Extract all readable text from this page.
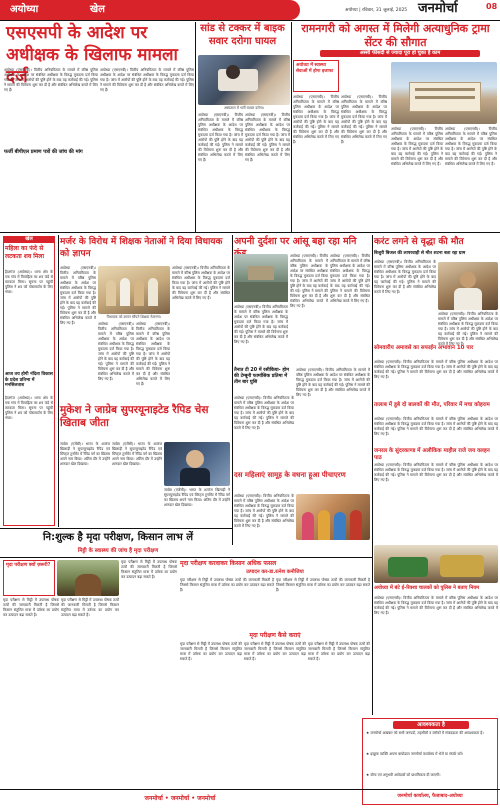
अयोध्या	खेल	अयोध्या | रविवार, 31 जुलाई, 2025 जनमोर्चा	08
एसएसपी के आदेश पर अधीक्षक के खिलाफ मामला दर्ज
अयोध्या (एसएनबी)। वित्तीय अनियमितता के मामले में वरिष्ठ पुलिस अधीक्षक के आदेश पर संबंधित अधीक्षक के विरुद्ध मुकदमा दर्ज किया गया है। जांच में आरोपों की पुष्टि होने के बाद यह कार्रवाई की गई। पुलिस ने मामले की विवेचना शुरू कर दी है और संबंधित अभिलेख कब्जे में लिए गए हैं।
अयोध्या (एसएनबी)। वित्तीय अनियमितता के मामले में वरिष्ठ पुलिस अधीक्षक के आदेश पर संबंधित अधीक्षक के विरुद्ध मुकदमा दर्ज किया गया है। जांच में आरोपों की पुष्टि होने के बाद यह कार्रवाई की गई। पुलिस ने मामले की विवेचना शुरू कर दी है और संबंधित अभिलेख कब्जे में लिए गए हैं।
फर्जी बीपीएल प्रमाण पत्रों की जांच की मांग
सांड से टक्कर में बाइक सवार दरोगा घायल
अस्पताल में भर्ती घायल दरोगा।
अयोध्या (एसएनबी)। वित्तीय अनियमितता के मामले में वरिष्ठ पुलिस अधीक्षक के आदेश पर संबंधित अधीक्षक के विरुद्ध मुकदमा दर्ज किया गया है। जांच में आरोपों की पुष्टि होने के बाद यह कार्रवाई की गई। पुलिस ने मामले की विवेचना शुरू कर दी है और संबंधित अभिलेख कब्जे में लिए गए हैं।
अयोध्या (एसएनबी)। वित्तीय अनियमितता के मामले में वरिष्ठ पुलिस अधीक्षक के आदेश पर संबंधित अधीक्षक के विरुद्ध मुकदमा दर्ज किया गया है। जांच में आरोपों की पुष्टि होने के बाद यह कार्रवाई की गई। पुलिस ने मामले की विवेचना शुरू कर दी है और संबंधित अभिलेख कब्जे में लिए गए हैं।
रामनगरी को अगस्त में मिलेगी अत्याधुनिक ट्रामा सेंटर की सौगात
अस्सी फीसदी से ज्यादा पूरा हो चुका है काम
अयोध्या में स्वास्थ्य सेवाओं में होगा इजाफा
अयोध्या (एसएनबी)। वित्तीय अनियमितता के मामले में वरिष्ठ पुलिस अधीक्षक के आदेश पर संबंधित अधीक्षक के विरुद्ध मुकदमा दर्ज किया गया है। जांच में आरोपों की पुष्टि होने के बाद यह कार्रवाई की गई। पुलिस ने मामले की विवेचना शुरू कर दी है और संबंधित अभिलेख कब्जे में लिए गए हैं।
अयोध्या (एसएनबी)। वित्तीय अनियमितता के मामले में वरिष्ठ पुलिस अधीक्षक के आदेश पर संबंधित अधीक्षक के विरुद्ध मुकदमा दर्ज किया गया है। जांच में आरोपों की पुष्टि होने के बाद यह कार्रवाई की गई। पुलिस ने मामले की विवेचना शुरू कर दी है और संबंधित अभिलेख कब्जे में लिए गए हैं।
अयोध्या (एसएनबी)। वित्तीय अनियमितता के मामले में वरिष्ठ पुलिस अधीक्षक के आदेश पर संबंधित अधीक्षक के विरुद्ध मुकदमा दर्ज किया गया है। जांच में आरोपों की पुष्टि होने के बाद यह कार्रवाई की गई। पुलिस ने मामले की विवेचना शुरू कर दी है और संबंधित अभिलेख कब्जे में लिए गए हैं।
अयोध्या (एसएनबी)। वित्तीय अनियमितता के मामले में वरिष्ठ पुलिस अधीक्षक के आदेश पर संबंधित अधीक्षक के विरुद्ध मुकदमा दर्ज किया गया है। जांच में आरोपों की पुष्टि होने के बाद यह कार्रवाई की गई। पुलिस ने मामले की विवेचना शुरू कर दी है और संबंधित अभिलेख कब्जे में लिए गए हैं।
खेल
महिला का फंदे से लटकता शव मिला
हैदरगंज (अयोध्या)। थाना क्षेत्र के एक गांव में विवाहिता का शव फंदे से लटकता मिला। सूचना पर पहुंची पुलिस ने शव को पोस्टमार्टम के लिए भेजा।
आज तय होगी नंदिता विकास के प्रदेश प्रतिभा में मनसिलताश
हैदरगंज (अयोध्या)। थाना क्षेत्र के एक गांव में विवाहिता का शव फंदे से लटकता मिला। सूचना पर पहुंची पुलिस ने शव को पोस्टमार्टम के लिए भेजा।
मर्जर के विरोध में शिक्षक नेताओं ने दिया विधायक को ज्ञापन
विधायक को ज्ञापन सौंपते शिक्षक नेतागण।
अयोध्या (एसएनबी)। वित्तीय अनियमितता के मामले में वरिष्ठ पुलिस अधीक्षक के आदेश पर संबंधित अधीक्षक के विरुद्ध मुकदमा दर्ज किया गया है। जांच में आरोपों की पुष्टि होने के बाद यह कार्रवाई की गई। पुलिस ने मामले की विवेचना शुरू कर दी है और संबंधित अभिलेख कब्जे में लिए गए हैं।	अयोध्या (एसएनबी)। वित्तीय अनियमितता के मामले में वरिष्ठ पुलिस अधीक्षक के आदेश पर संबंधित अधीक्षक के विरुद्ध मुकदमा दर्ज किया गया है। जांच में आरोपों की पुष्टि होने के बाद यह कार्रवाई की गई। पुलिस ने मामले की विवेचना शुरू कर दी है और संबंधित अभिलेख कब्जे में लिए गए हैं।
अयोध्या (एसएनबी)। वित्तीय अनियमितता के मामले में वरिष्ठ पुलिस अधीक्षक के आदेश पर संबंधित अधीक्षक के विरुद्ध मुकदमा दर्ज किया गया है। जांच में आरोपों की पुष्टि होने के बाद यह कार्रवाई की गई। पुलिस ने मामले की विवेचना शुरू कर दी है और संबंधित अभिलेख कब्जे में लिए गए हैं।
अयोध्या (एसएनबी)। वित्तीय अनियमितता के मामले में वरिष्ठ पुलिस अधीक्षक के आदेश पर संबंधित अधीक्षक के विरुद्ध मुकदमा दर्ज किया गया है। जांच में आरोपों की पुष्टि होने के बाद यह कार्रवाई की गई। पुलिस ने मामले की विवेचना शुरू कर दी है और संबंधित अभिलेख कब्जे में लिए गए हैं।
अपनी दुर्दशा पर आंसू बहा रहा मनि
अयोध्या (एसएनबी)। वित्तीय अनियमितता के मामले में वरिष्ठ पुलिस अधीक्षक के आदेश पर संबंधित अधीक्षक के विरुद्ध मुकदमा दर्ज किया गया है। जांच में आरोपों की पुष्टि होने के बाद यह कार्रवाई की गई। पुलिस ने मामले की विवेचना शुरू कर दी है और संबंधित अभिलेख कब्जे में लिए गए हैं।
अयोध्या (एसएनबी)। वित्तीय अनियमितता के मामले में वरिष्ठ पुलिस अधीक्षक के आदेश पर संबंधित अधीक्षक के विरुद्ध मुकदमा दर्ज किया गया है। जांच में आरोपों की पुष्टि होने के बाद यह कार्रवाई की गई। पुलिस ने मामले की विवेचना शुरू कर दी है और संबंधित अभिलेख कब्जे में लिए गए हैं।
अयोध्या (एसएनबी)। वित्तीय अनियमितता के मामले में वरिष्ठ पुलिस अधीक्षक के आदेश पर संबंधित अधीक्षक के विरुद्ध मुकदमा दर्ज किया गया है। जांच में आरोपों की पुष्टि होने के बाद यह कार्रवाई की गई। पुलिस ने मामले की विवेचना शुरू कर दी है और संबंधित अभिलेख कब्जे में लिए गए हैं।
तैनात टी 20 में रसीकिया- होम की टेम्बूनी फार्मासिक प्रतिमा में तीन बार घुसि
अयोध्या (एसएनबी)। वित्तीय अनियमितता के मामले में वरिष्ठ पुलिस अधीक्षक के आदेश पर संबंधित अधीक्षक के विरुद्ध मुकदमा दर्ज किया गया है। जांच में आरोपों की पुष्टि होने के बाद यह कार्रवाई की गई। पुलिस ने मामले की विवेचना शुरू कर दी है और संबंधित अभिलेख कब्जे में लिए गए हैं।
अयोध्या (एसएनबी)। वित्तीय अनियमितता के मामले में वरिष्ठ पुलिस अधीक्षक के आदेश पर संबंधित अधीक्षक के विरुद्ध मुकदमा दर्ज किया गया है। जांच में आरोपों की पुष्टि होने के बाद यह कार्रवाई की गई। पुलिस ने मामले की विवेचना शुरू कर दी है और संबंधित अभिलेख कब्जे में लिए गए हैं।
दस महिलाएं सामूह के वधना हूआ पीचाएरण
अयोध्या (एसएनबी)। वित्तीय अनियमितता के मामले में वरिष्ठ पुलिस अधीक्षक के आदेश पर संबंधित अधीक्षक के विरुद्ध मुकदमा दर्ज किया गया है। जांच में आरोपों की पुष्टि होने के बाद यह कार्रवाई की गई। पुलिस ने मामले की विवेचना शुरू कर दी है और संबंधित अभिलेख कब्जे में लिए गए हैं।
करंट लगने से वृद्धा की मौत
बिजुरी बिजल की लापरवाही से मौत शटना बता रहा ग्राम
अयोध्या (एसएनबी)। वित्तीय अनियमितता के मामले में वरिष्ठ पुलिस अधीक्षक के आदेश पर संबंधित अधीक्षक के विरुद्ध मुकदमा दर्ज किया गया है। जांच में आरोपों की पुष्टि होने के बाद यह कार्रवाई की गई। पुलिस ने मामले की विवेचना शुरू कर दी है और संबंधित अभिलेख कब्जे में लिए गए हैं।
अयोध्या (एसएनबी)। वित्तीय अनियमितता के मामले में वरिष्ठ पुलिस अधीक्षक के आदेश पर संबंधित अधीक्षक के विरुद्ध मुकदमा दर्ज किया गया है। जांच में आरोपों की पुष्टि होने के बाद यह कार्रवाई की गई। पुलिस ने मामले की विवेचना शुरू कर दी है और संबंधित अभिलेख कब्जे में लिए गए हैं।
सोमवारीय अमावसे का सफाईन अभावान 10 पार
अयोध्या (एसएनबी)। वित्तीय अनियमितता के मामले में वरिष्ठ पुलिस अधीक्षक के आदेश पर संबंधित अधीक्षक के विरुद्ध मुकदमा दर्ज किया गया है। जांच में आरोपों की पुष्टि होने के बाद यह कार्रवाई की गई। पुलिस ने मामले की विवेचना शुरू कर दी है और संबंधित अभिलेख कब्जे में लिए गए हैं।
तालाब में डूबे दो बालकों की मौत, परिवार में मचा कोहराम
अयोध्या (एसएनबी)। वित्तीय अनियमितता के मामले में वरिष्ठ पुलिस अधीक्षक के आदेश पर संबंधित अधीक्षक के विरुद्ध मुकदमा दर्ज किया गया है। जांच में आरोपों की पुष्टि होने के बाद यह कार्रवाई की गई। पुलिस ने मामले की विवेचना शुरू कर दी है और संबंधित अभिलेख कब्जे में लिए गए हैं।
जनरल के सुंदरकाण्ड में अलौकिक माहौल राजे जय वलहन पाठ
अयोध्या (एसएनबी)। वित्तीय अनियमितता के मामले में वरिष्ठ पुलिस अधीक्षक के आदेश पर संबंधित अधीक्षक के विरुद्ध मुकदमा दर्ज किया गया है। जांच में आरोपों की पुष्टि होने के बाद यह कार्रवाई की गई। पुलिस ने मामले की विवेचना शुरू कर दी है और संबंधित अभिलेख कब्जे में लिए गए हैं।
अयोध्या में बंटे ई-रिक्शा चालकों को पुलिस ने बताए नियम
अयोध्या (एसएनबी)। वित्तीय अनियमितता के मामले में वरिष्ठ पुलिस अधीक्षक के आदेश पर संबंधित अधीक्षक के विरुद्ध मुकदमा दर्ज किया गया है। जांच में आरोपों की पुष्टि होने के बाद यह कार्रवाई की गई। पुलिस ने मामले की विवेचना शुरू कर दी है और संबंधित अभिलेख कब्जे में लिए गए हैं।
मुकेश ने जाग्रेब सुपरयूनाइटेड रैपिड चेस खिताब जीता
जाग्रेब (एजेंसी)। भारत के शतरंज खिलाड़ी ने सुपरयूनाइटेड रैपिड एवं ब्लिट्ज टूर्नामेंट में रैपिड वर्ग का खिताब अपने नाम किया। अंतिम दौर में उन्होंने शानदार खेल दिखाया।
जाग्रेब (एजेंसी)। भारत के शतरंज खिलाड़ी ने सुपरयूनाइटेड रैपिड एवं ब्लिट्ज टूर्नामेंट में रैपिड वर्ग का खिताब अपने नाम किया। अंतिम दौर में उन्होंने शानदार खेल दिखाया।
जाग्रेब (एजेंसी)। भारत के शतरंज खिलाड़ी ने सुपरयूनाइटेड रैपिड एवं ब्लिट्ज टूर्नामेंट में रैपिड वर्ग का खिताब अपने नाम किया। अंतिम दौर में उन्होंने शानदार खेल दिखाया।
नि:शुल्क है मृदा परीक्षण, किसान लाभ लें
मिट्टी के स्वास्थ्य की जांच है मृदा परीक्षण
मृदा परीक्षण क्यों ज़रूरी?
मृदा परीक्षण से मिट्टी में उपलब्ध पोषक तत्वों की जानकारी मिलती है जिससे किसान संतुलित मात्रा में उर्वरक का प्रयोग कर उत्पादन बढ़ा सकते हैं।
मृदा परीक्षण से मिट्टी में उपलब्ध पोषक तत्वों की जानकारी मिलती है जिससे किसान संतुलित मात्रा में उर्वरक का प्रयोग कर उत्पादन बढ़ा सकते हैं।
मृदा परीक्षण से मिट्टी में उपलब्ध पोषक तत्वों की जानकारी मिलती है जिससे किसान संतुलित मात्रा में उर्वरक का प्रयोग कर उत्पादन बढ़ा सकते हैं।
मृदा परीक्षण करवाकर किसान अधिक फसल
उत्पादन कर-डा.रत्नेश कनौजिया
मृदा परीक्षण से मिट्टी में उपलब्ध पोषक तत्वों की जानकारी मिलती है जिससे किसान संतुलित मात्रा में उर्वरक का प्रयोग कर उत्पादन बढ़ा सकते हैं।
मृदा परीक्षण से मिट्टी में उपलब्ध पोषक तत्वों की जानकारी मिलती है जिससे किसान संतुलित मात्रा में उर्वरक का प्रयोग कर उत्पादन बढ़ा सकते हैं।
मृदा परीक्षण कैसे कराएं
मृदा परीक्षण से मिट्टी में उपलब्ध पोषक तत्वों की जानकारी मिलती है जिससे किसान संतुलित मात्रा में उर्वरक का प्रयोग कर उत्पादन बढ़ा सकते हैं।
मृदा परीक्षण से मिट्टी में उपलब्ध पोषक तत्वों की जानकारी मिलती है जिससे किसान संतुलित मात्रा में उर्वरक का प्रयोग कर उत्पादन बढ़ा सकते हैं।
मृदा परीक्षण से मिट्टी में उपलब्ध पोषक तत्वों की जानकारी मिलती है जिससे किसान संतुलित मात्रा में उर्वरक का प्रयोग कर उत्पादन बढ़ा सकते हैं।
आवश्यकता है
★ जनमोर्चा अखबार को सभी जनपदों, तहसीलों व ब्लॉकों में संवाददाता की आवश्यकता है।
★ इच्छुक व्यक्ति अपना बायोडाटा जनमोर्चा कार्यालय में भेजें या संपर्क करें।
★ योग्य एवं अनुभवी आवेदकों को प्राथमिकता दी जाएगी।
जनमोर्चा कार्यालय, फैजाबाद-अयोध्या
जनमोर्चा • जनमोर्चा • जनमोर्चा
